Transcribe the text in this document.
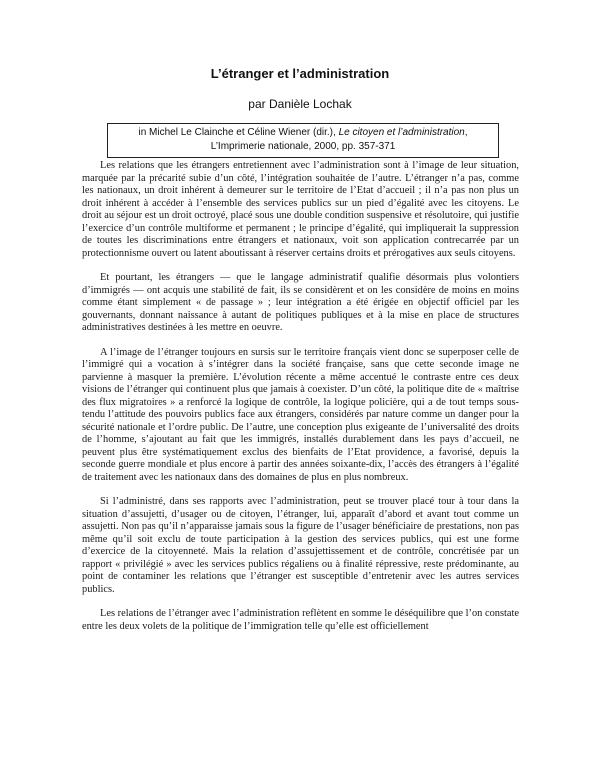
L’étranger et l’administration
par Danièle Lochak
in Michel Le Clainche et Céline Wiener (dir.), Le citoyen et l’administration, L’Imprimerie nationale, 2000, pp. 357-371

Les relations que les étrangers entretiennent avec l’administration sont à l’image de leur situation, marquée par la précarité subie d’un côté, l’intégration souhaitée de l’autre. L’étranger n’a pas, comme les nationaux, un droit inhérent à demeurer sur le territoire de l’Etat d’accueil ; il n’a pas non plus un droit inhérent à accéder à l’ensemble des services publics sur un pied d’égalité avec les citoyens. Le droit au séjour est un droit octroyé, placé sous une double condition suspensive et résolutoire, qui justifie l’exercice d’un contrôle multiforme et permanent ; le principe d’égalité, qui impliquerait la suppression de toutes les discriminations entre étrangers et nationaux, voit son application contrecarrée par un protectionnisme ouvert ou latent aboutissant à réserver certains droits et prérogatives aux seuls citoyens.

Et pourtant, les étrangers — que le langage administratif qualifie désormais plus volontiers d’immigrés — ont acquis une stabilité de fait, ils se considèrent et on les considère de moins en moins comme étant simplement « de passage » ; leur intégration a été érigée en objectif officiel par les gouvernants, donnant naissance à autant de politiques publiques et à la mise en place de structures administratives destinées à les mettre en oeuvre.

A l’image de l’étranger toujours en sursis sur le territoire français vient donc se superposer celle de l’immigré qui a vocation à s’intégrer dans la société française, sans que cette seconde image ne parvienne à masquer la première. L’évolution récente a même accentué le contraste entre ces deux visions de l’étranger qui continuent plus que jamais à coexister. D’un côté, la politique dite de « maîtrise des flux migratoires » a renforcé la logique de contrôle, la logique policière, qui a de tout temps sous-tendu l’attitude des pouvoirs publics face aux étrangers, considérés par nature comme un danger pour la sécurité nationale et l’ordre public. De l’autre, une conception plus exigeante de l’universalité des droits de l’homme, s’ajoutant au fait que les immigrés, installés durablement dans les pays d’accueil, ne peuvent plus être systématiquement exclus des bienfaits de l’Etat providence, a favorisé, depuis la seconde guerre mondiale et plus encore à partir des années soixante-dix, l’accès des étrangers à l’égalité de traitement avec les nationaux dans des domaines de plus en plus nombreux.

Si l’administré, dans ses rapports avec l’administration, peut se trouver placé tour à tour dans la situation d’assujetti, d’usager ou de citoyen, l’étranger, lui, apparaît d’abord et avant tout comme un assujetti. Non pas qu’il n’apparaisse jamais sous la figure de l’usager bénéficiaire de prestations, non pas même qu’il soit exclu de toute participation à la gestion des services publics, qui est une forme d’exercice de la citoyenneté. Mais la relation d’assujettissement et de contrôle, concrétisée par un rapport « privilégié » avec les services publics régaliens ou à finalité répressive, reste prédominante, au point de contaminer les relations que l’étranger est susceptible d’entretenir avec les autres services publics.

Les relations de l’étranger avec l’administration reflètent en somme le déséquilibre que l’on constate entre les deux volets de la politique de l’immigration telle qu’elle est officiellement
